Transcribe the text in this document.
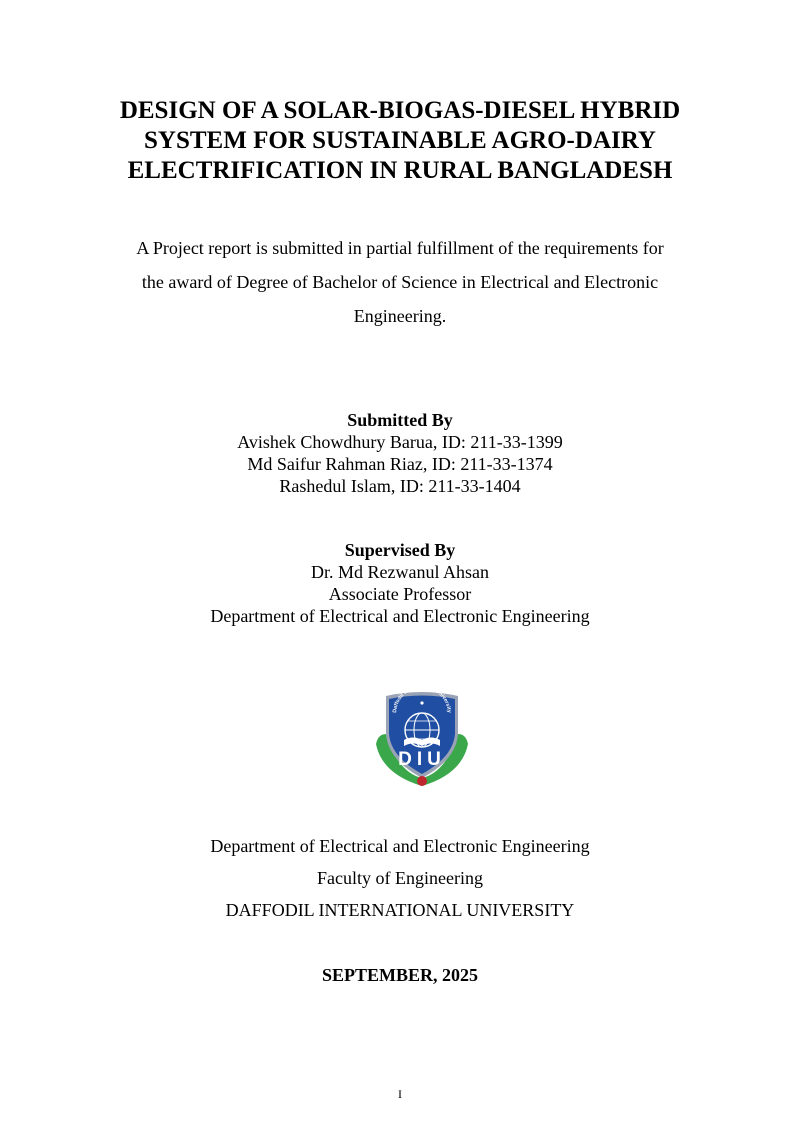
DESIGN OF A SOLAR-BIOGAS-DIESEL HYBRID
SYSTEM FOR SUSTAINABLE AGRO-DAIRY
ELECTRIFICATION IN RURAL BANGLADESH
A Project report is submitted in partial fulfillment of the requirements for
the award of Degree of Bachelor of Science in Electrical and Electronic
Engineering.
Submitted By
Avishek Chowdhury Barua, ID: 211-33-1399
Md Saifur Rahman Riaz, ID: 211-33-1374
Rashedul Islam, ID: 211-33-1404
Supervised By
Dr. Md Rezwanul Ahsan
Associate Professor
Department of Electrical and Electronic Engineering
Daffodil Int University
DIU
Department of Electrical and Electronic Engineering
Faculty of Engineering
DAFFODIL INTERNATIONAL UNIVERSITY
SEPTEMBER, 2025
I
